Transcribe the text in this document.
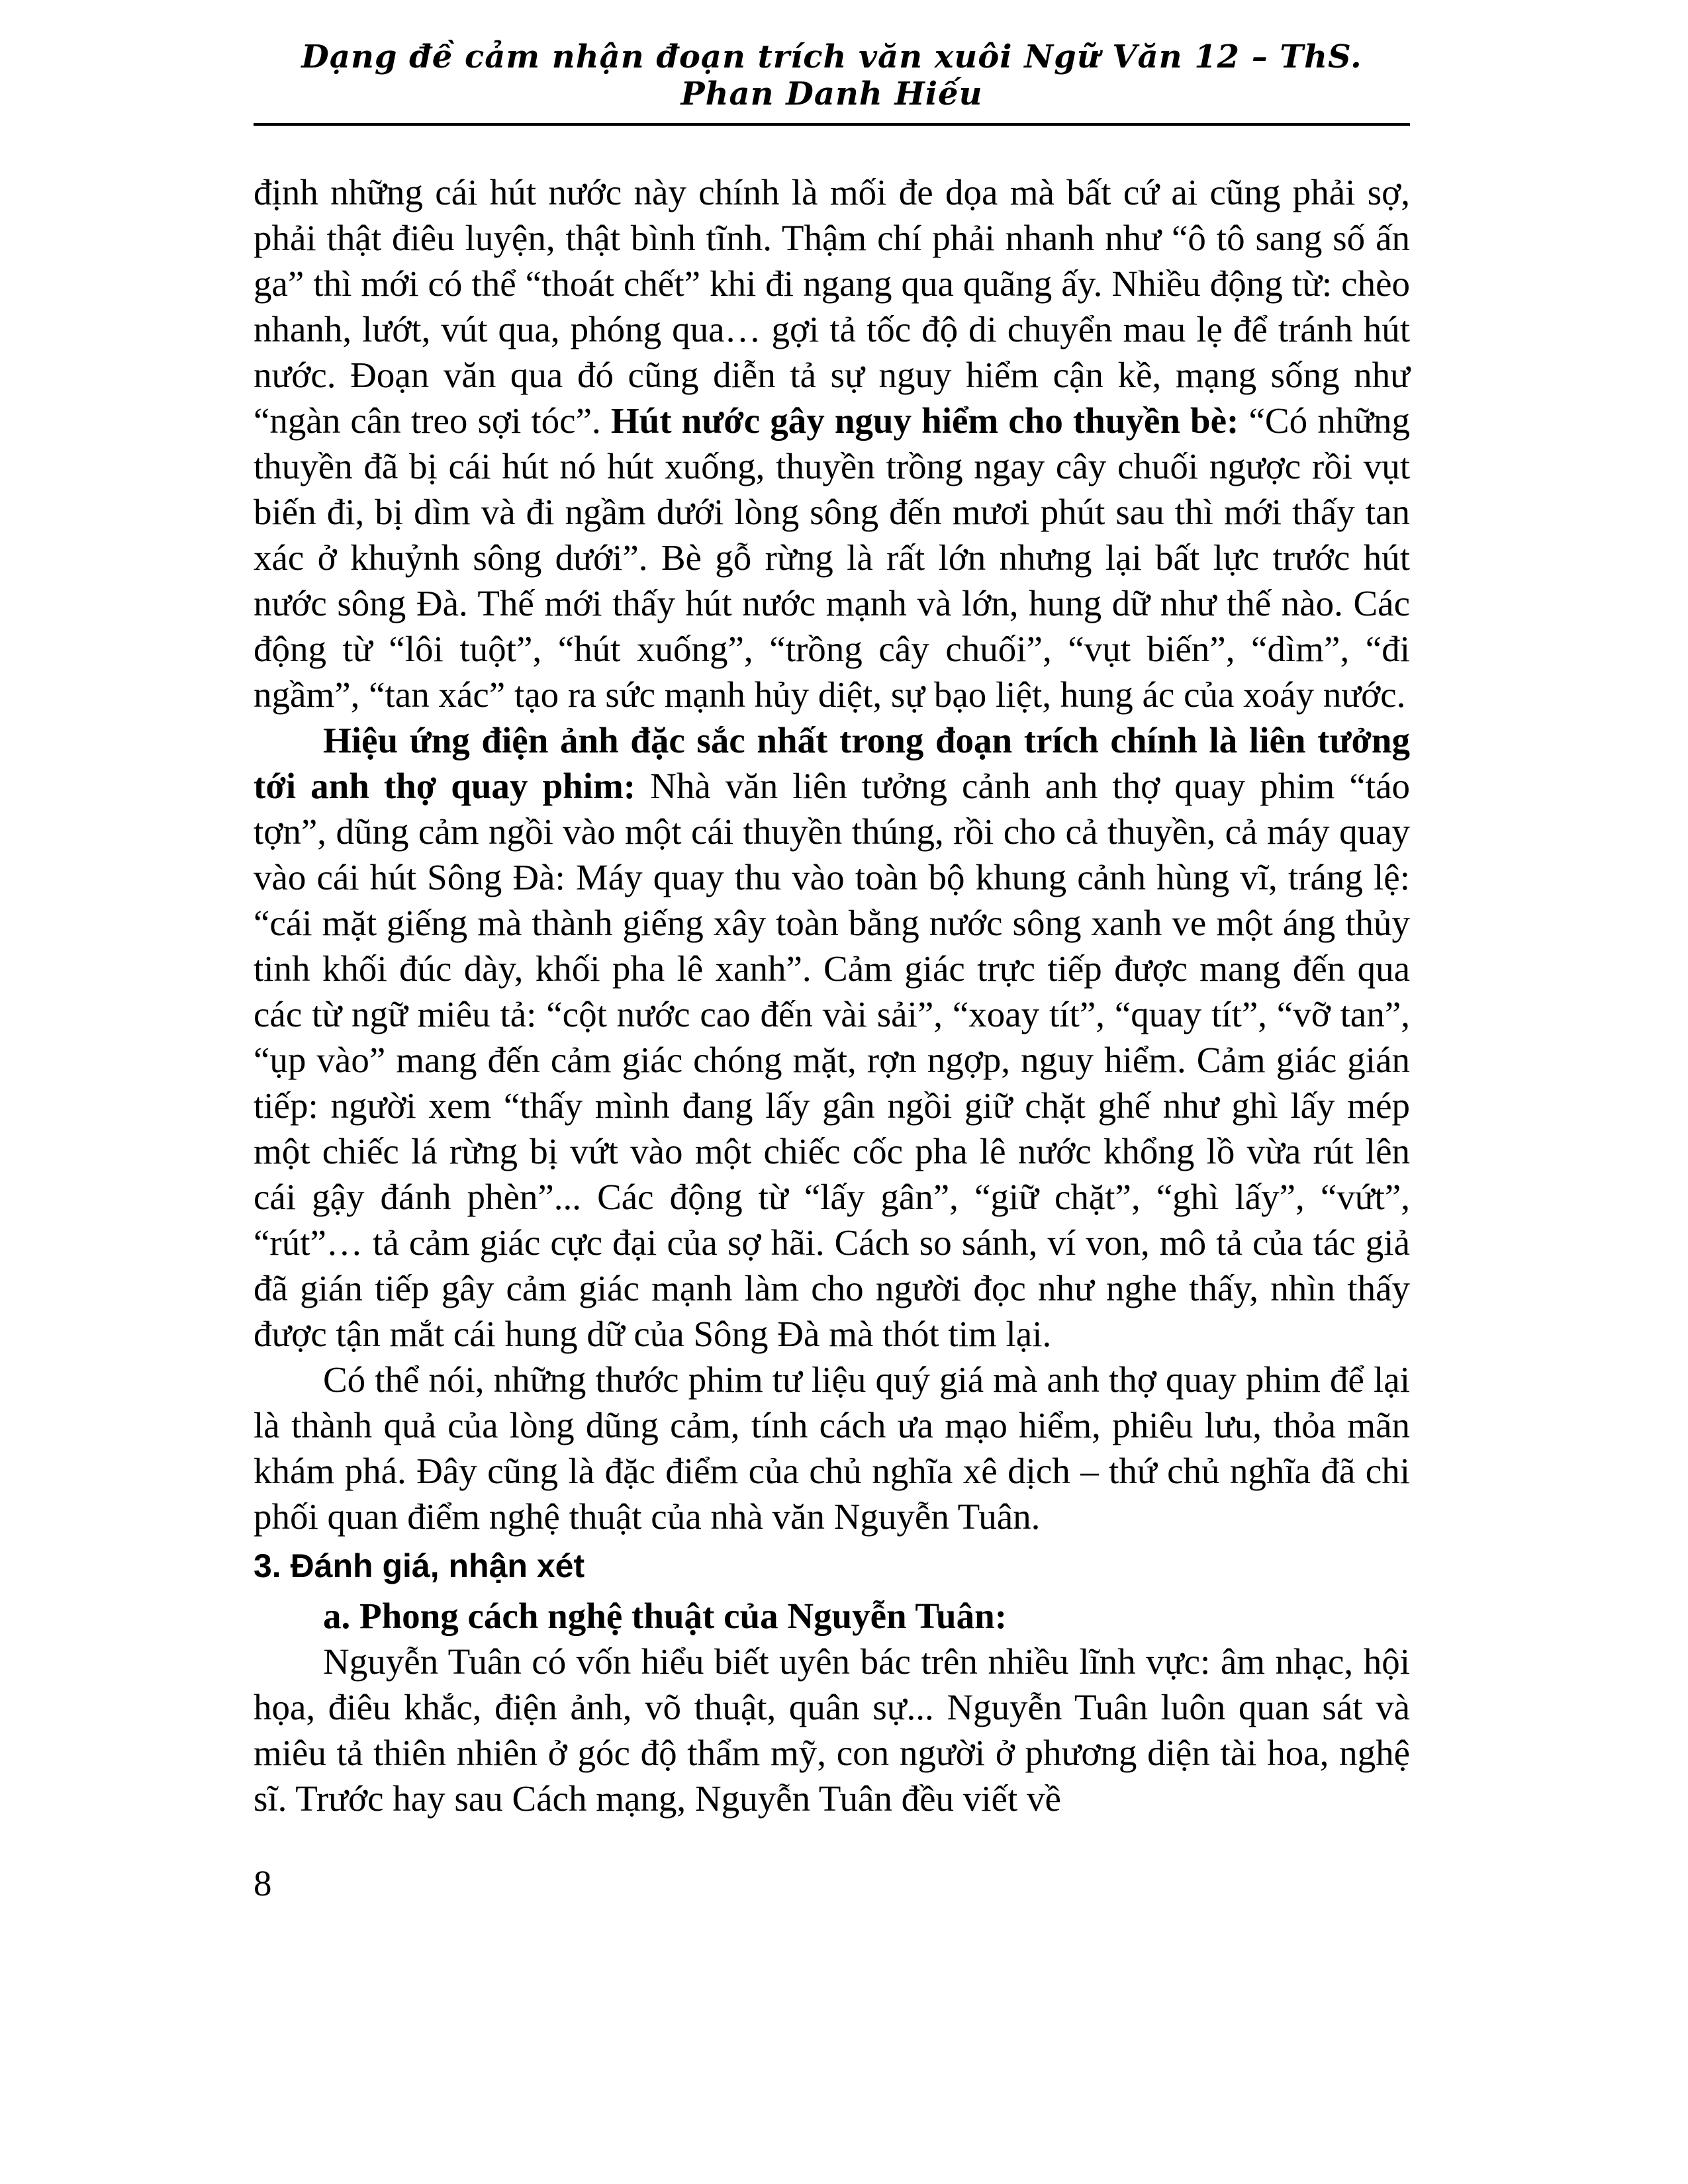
Dạng đề cảm nhận đoạn trích văn xuôi Ngữ Văn 12 – ThS. Phan Danh Hiếu

định những cái hút nước này chính là mối đe dọa mà bất cứ ai cũng phải sợ, phải thật điêu luyện, thật bình tĩnh. Thậm chí phải nhanh như “ô tô sang số ấn ga” thì mới có thể “thoát chết” khi đi ngang qua quãng ấy. Nhiều động từ: chèo nhanh, lướt, vút qua, phóng qua… gợi tả tốc độ di chuyển mau lẹ để tránh hút nước. Đoạn văn qua đó cũng diễn tả sự nguy hiểm cận kề, mạng sống như “ngàn cân treo sợi tóc”. Hút nước gây nguy hiểm cho thuyền bè: “Có những thuyền đã bị cái hút nó hút xuống, thuyền trồng ngay cây chuối ngược rồi vụt biến đi, bị dìm và đi ngầm dưới lòng sông đến mươi phút sau thì mới thấy tan xác ở khuỷnh sông dưới”. Bè gỗ rừng là rất lớn nhưng lại bất lực trước hút nước sông Đà. Thế mới thấy hút nước mạnh và lớn, hung dữ như thế nào. Các động từ “lôi tuột”, “hút xuống”, “trồng cây chuối”, “vụt biến”, “dìm”, “đi ngầm”, “tan xác” tạo ra sức mạnh hủy diệt, sự bạo liệt, hung ác của xoáy nước.

Hiệu ứng điện ảnh đặc sắc nhất trong đoạn trích chính là liên tưởng tới anh thợ quay phim: Nhà văn liên tưởng cảnh anh thợ quay phim “táo tợn”, dũng cảm ngồi vào một cái thuyền thúng, rồi cho cả thuyền, cả máy quay vào cái hút Sông Đà: Máy quay thu vào toàn bộ khung cảnh hùng vĩ, tráng lệ: “cái mặt giếng mà thành giếng xây toàn bằng nước sông xanh ve một áng thủy tinh khối đúc dày, khối pha lê xanh”. Cảm giác trực tiếp được mang đến qua các từ ngữ miêu tả: “cột nước cao đến vài sải”, “xoay tít”, “quay tít”, “vỡ tan”, “ụp vào” mang đến cảm giác chóng mặt, rợn ngợp, nguy hiểm. Cảm giác gián tiếp: người xem “thấy mình đang lấy gân ngồi giữ chặt ghế như ghì lấy mép một chiếc lá rừng bị vứt vào một chiếc cốc pha lê nước khổng lồ vừa rút lên cái gậy đánh phèn”... Các động từ “lấy gân”, “giữ chặt”, “ghì lấy”, “vứt”, “rút”… tả cảm giác cực đại của sợ hãi. Cách so sánh, ví von, mô tả của tác giả đã gián tiếp gây cảm giác mạnh làm cho người đọc như nghe thấy, nhìn thấy được tận mắt cái hung dữ của Sông Đà mà thót tim lại.

Có thể nói, những thước phim tư liệu quý giá mà anh thợ quay phim để lại là thành quả của lòng dũng cảm, tính cách ưa mạo hiểm, phiêu lưu, thỏa mãn khám phá. Đây cũng là đặc điểm của chủ nghĩa xê dịch – thứ chủ nghĩa đã chi phối quan điểm nghệ thuật của nhà văn Nguyễn Tuân.

3. Đánh giá, nhận xét

a. Phong cách nghệ thuật của Nguyễn Tuân:

Nguyễn Tuân có vốn hiểu biết uyên bác trên nhiều lĩnh vực: âm nhạc, hội họa, điêu khắc, điện ảnh, võ thuật, quân sự... Nguyễn Tuân luôn quan sát và miêu tả thiên nhiên ở góc độ thẩm mỹ, con người ở phương diện tài hoa, nghệ sĩ. Trước hay sau Cách mạng, Nguyễn Tuân đều viết về

8
